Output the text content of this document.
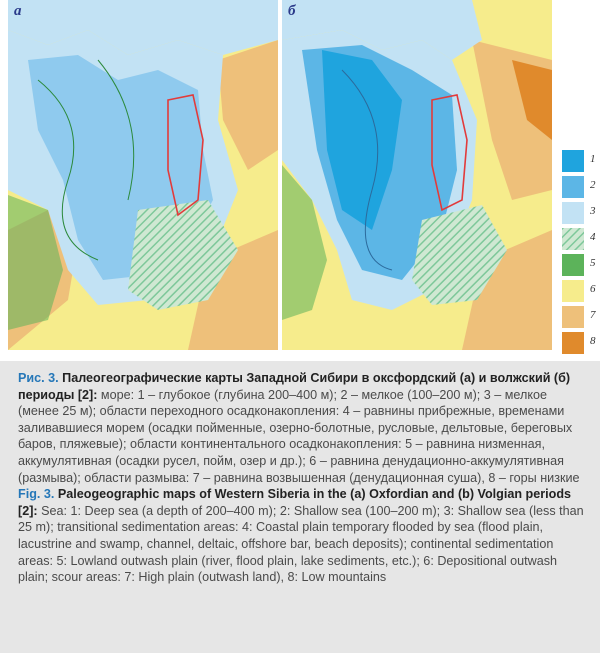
а	б
1
2
3
4
5
6
7
8

Рис. 3. Палеогеографические карты Западной Сибири в оксфордский (а) и волжский (б) периоды [2]: море: 1 – глубокое (глубина 200–400 м); 2 – мелкое (100–200 м); 3 – мелкое (менее 25 м); области переходного осадконакопления: 4 – равнины прибрежные, временами заливавшиеся морем (осадки пойменные, озерно-болотные, русловые, дельтовые, береговых баров, пляжевые); области континентального осадконакопления: 5 – равнина низменная, аккумулятивная (осадки русел, пойм, озер и др.); 6 – равнина денудационно-аккумулятивная (размыва); области размыва: 7 – равнина возвышенная (денудационная суша), 8 – горы низкие

Fig. 3. Paleogeographic maps of Western Siberia in the (a) Oxfordian and (b) Volgian periods [2]: Sea: 1: Deep sea (a depth of 200–400 m); 2: Shallow sea (100–200 m); 3: Shallow sea (less than 25 m); transitional sedimentation areas: 4: Coastal plain temporary flooded by sea (flood plain, lacustrine and swamp, channel, deltaic, offshore bar, beach deposits); continental sedimentation areas: 5: Lowland outwash plain (river, flood plain, lake sediments, etc.); 6: Depositional outwash plain; scour areas: 7: High plain (outwash land), 8: Low mountains
